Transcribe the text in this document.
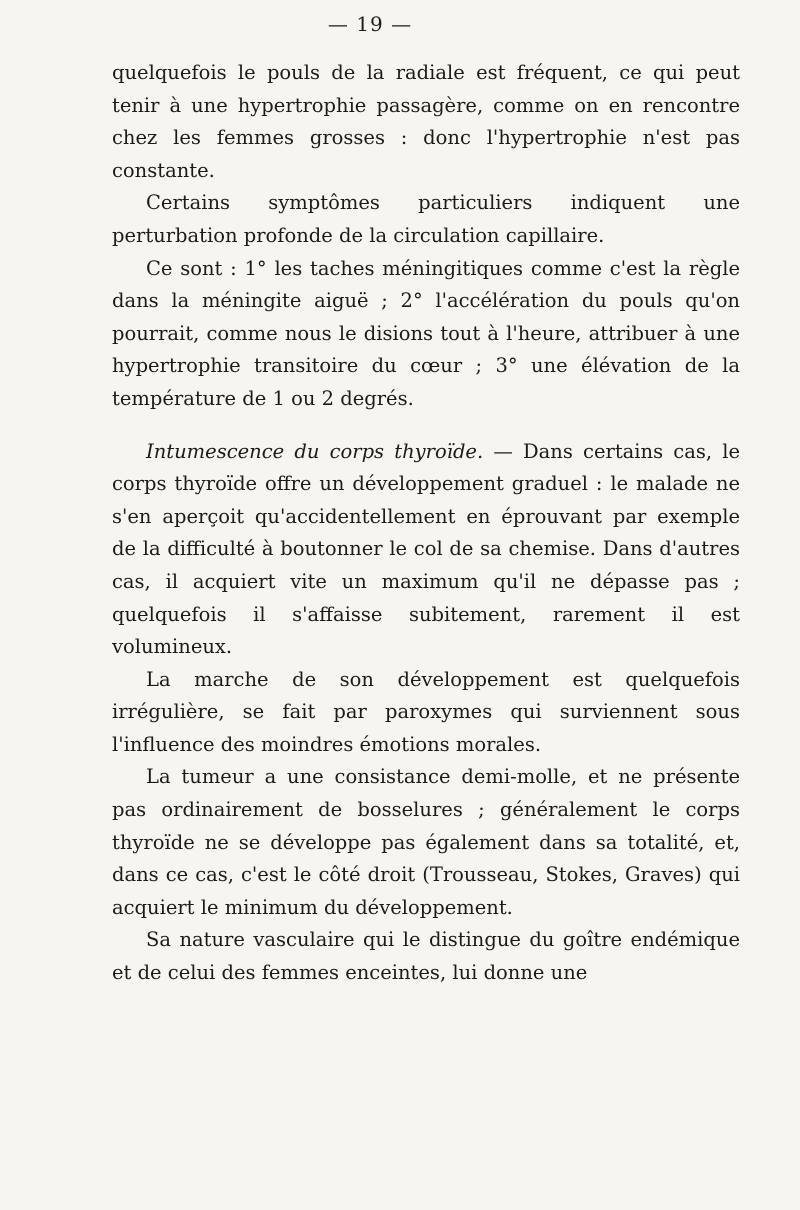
— 19 —

quelquefois le pouls de la radiale est fréquent, ce qui peut tenir à une hypertrophie passagère, comme on en rencontre chez les femmes grosses : donc l'hypertrophie n'est pas constante.

Certains symptômes particuliers indiquent une perturbation profonde de la circulation capillaire.

Ce sont : 1° les taches méningitiques comme c'est la règle dans la méningite aiguë ; 2° l'accélération du pouls qu'on pourrait, comme nous le disions tout à l'heure, attribuer à une hypertrophie transitoire du cœur ; 3° une élévation de la température de 1 ou 2 degrés.

Intumescence du corps thyroïde. — Dans certains cas, le corps thyroïde offre un développement graduel : le malade ne s'en aperçoit qu'accidentellement en éprouvant par exemple de la difficulté à boutonner le col de sa chemise. Dans d'autres cas, il acquiert vite un maximum qu'il ne dépasse pas ; quelquefois il s'affaisse subitement, rarement il est volumineux.

La marche de son développement est quelquefois irrégulière, se fait par paroxymes qui surviennent sous l'influence des moindres émotions morales.

La tumeur a une consistance demi-molle, et ne présente pas ordinairement de bosselures ; généralement le corps thyroïde ne se développe pas également dans sa totalité, et, dans ce cas, c'est le côté droit (Trousseau, Stokes, Graves) qui acquiert le minimum du développement.

Sa nature vasculaire qui le distingue du goître endémique et de celui des femmes enceintes, lui donne une
